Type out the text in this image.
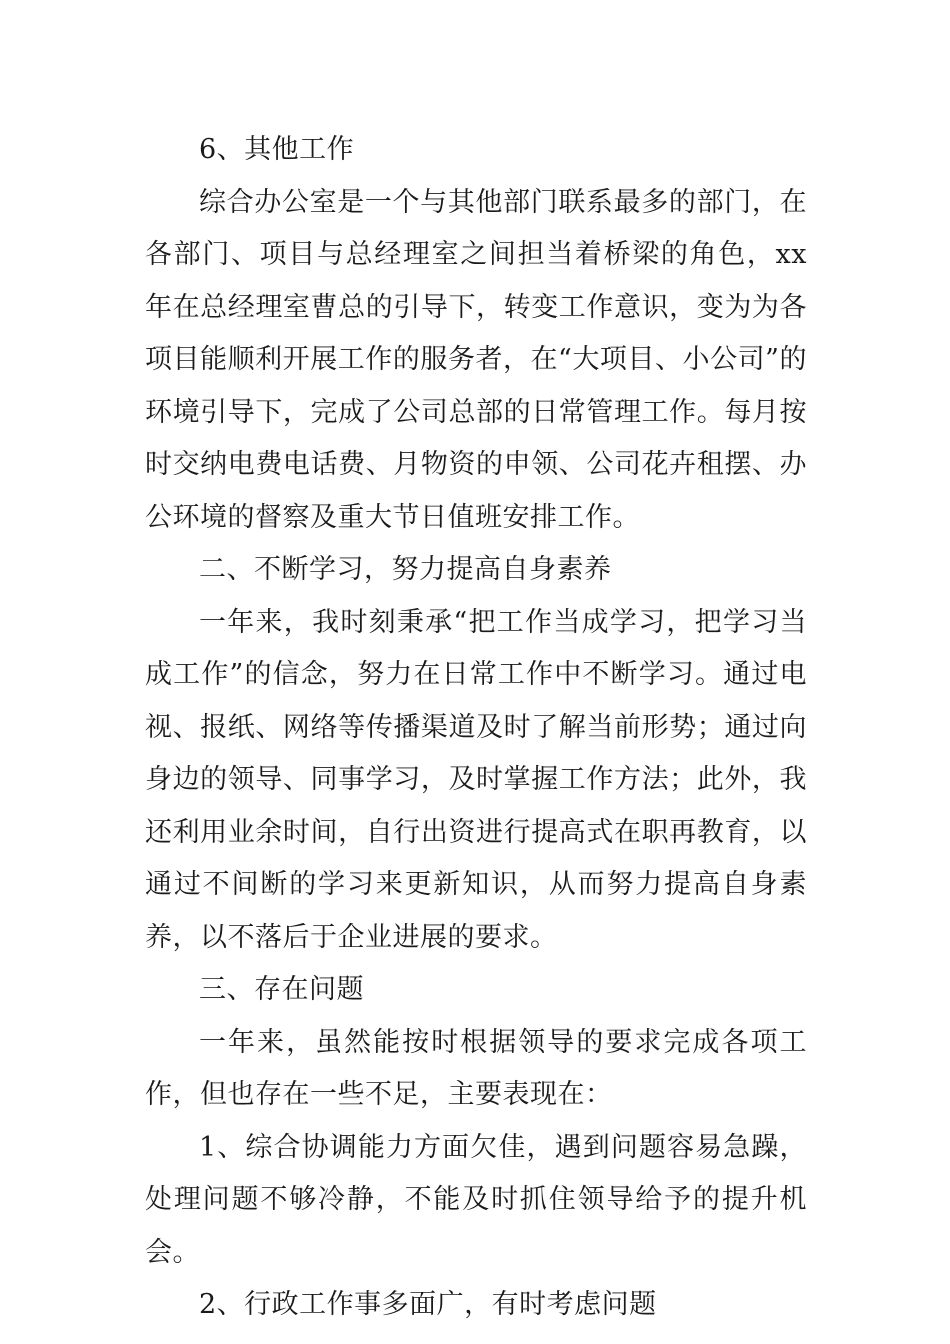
6、其他工作

综合办公室是一个与其他部门联系最多的部门，在各部门、项目与总经理室之间担当着桥梁的角色，xx年在总经理室曹总的引导下，转变工作意识，变为为各项目能顺利开展工作的服务者，在“大项目、小公司”的环境引导下，完成了公司总部的日常管理工作。每月按时交纳电费电话费、月物资的申领、公司花卉租摆、办公环境的督察及重大节日值班安排工作。

二、不断学习，努力提高自身素养

一年来，我时刻秉承“把工作当成学习，把学习当成工作”的信念，努力在日常工作中不断学习。通过电视、报纸、网络等传播渠道及时了解当前形势；通过向身边的领导、同事学习，及时掌握工作方法；此外，我还利用业余时间，自行出资进行提高式在职再教育，以通过不间断的学习来更新知识，从而努力提高自身素养，以不落后于企业进展的要求。

三、存在问题

一年来，虽然能按时根据领导的要求完成各项工作，但也存在一些不足，主要表现在：

1、综合协调能力方面欠佳，遇到问题容易急躁，处理问题不够冷静，不能及时抓住领导给予的提升机会。

2、行政工作事多面广，有时考虑问题
